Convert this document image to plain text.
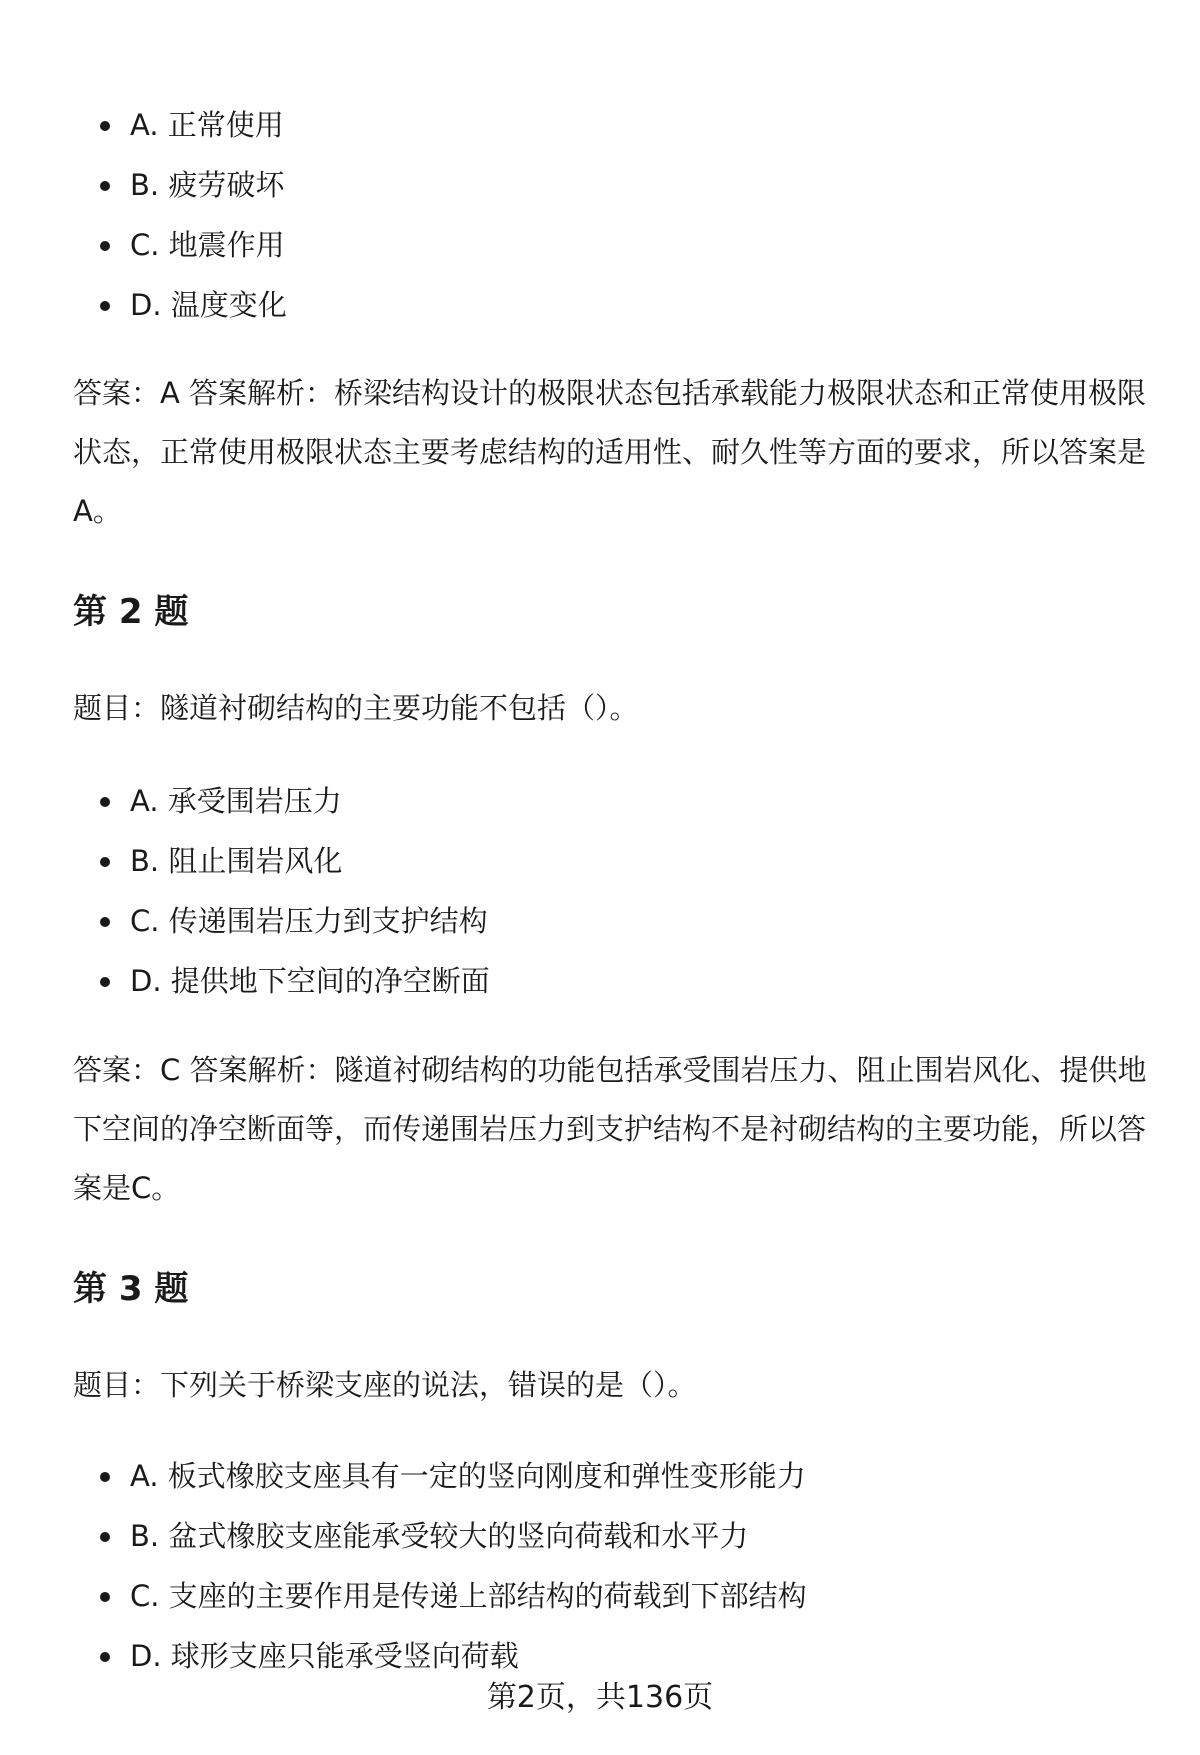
A. 正常使用
B. 疲劳破坏
C. 地震作用
D. 温度变化

答案：A 答案解析：桥梁结构设计的极限状态包括承载能力极限状态和正常使用极限状态，正常使用极限状态主要考虑结构的适用性、耐久性等方面的要求，所以答案是A。

第 2 题

题目：隧道衬砌结构的主要功能不包括（）。

A. 承受围岩压力
B. 阻止围岩风化
C. 传递围岩压力到支护结构
D. 提供地下空间的净空断面

答案：C 答案解析：隧道衬砌结构的功能包括承受围岩压力、阻止围岩风化、提供地下空间的净空断面等，而传递围岩压力到支护结构不是衬砌结构的主要功能，所以答案是C。

第 3 题

题目：下列关于桥梁支座的说法，错误的是（）。

A. 板式橡胶支座具有一定的竖向刚度和弹性变形能力
B. 盆式橡胶支座能承受较大的竖向荷载和水平力
C. 支座的主要作用是传递上部结构的荷载到下部结构
D. 球形支座只能承受竖向荷载
第2页，共136页
